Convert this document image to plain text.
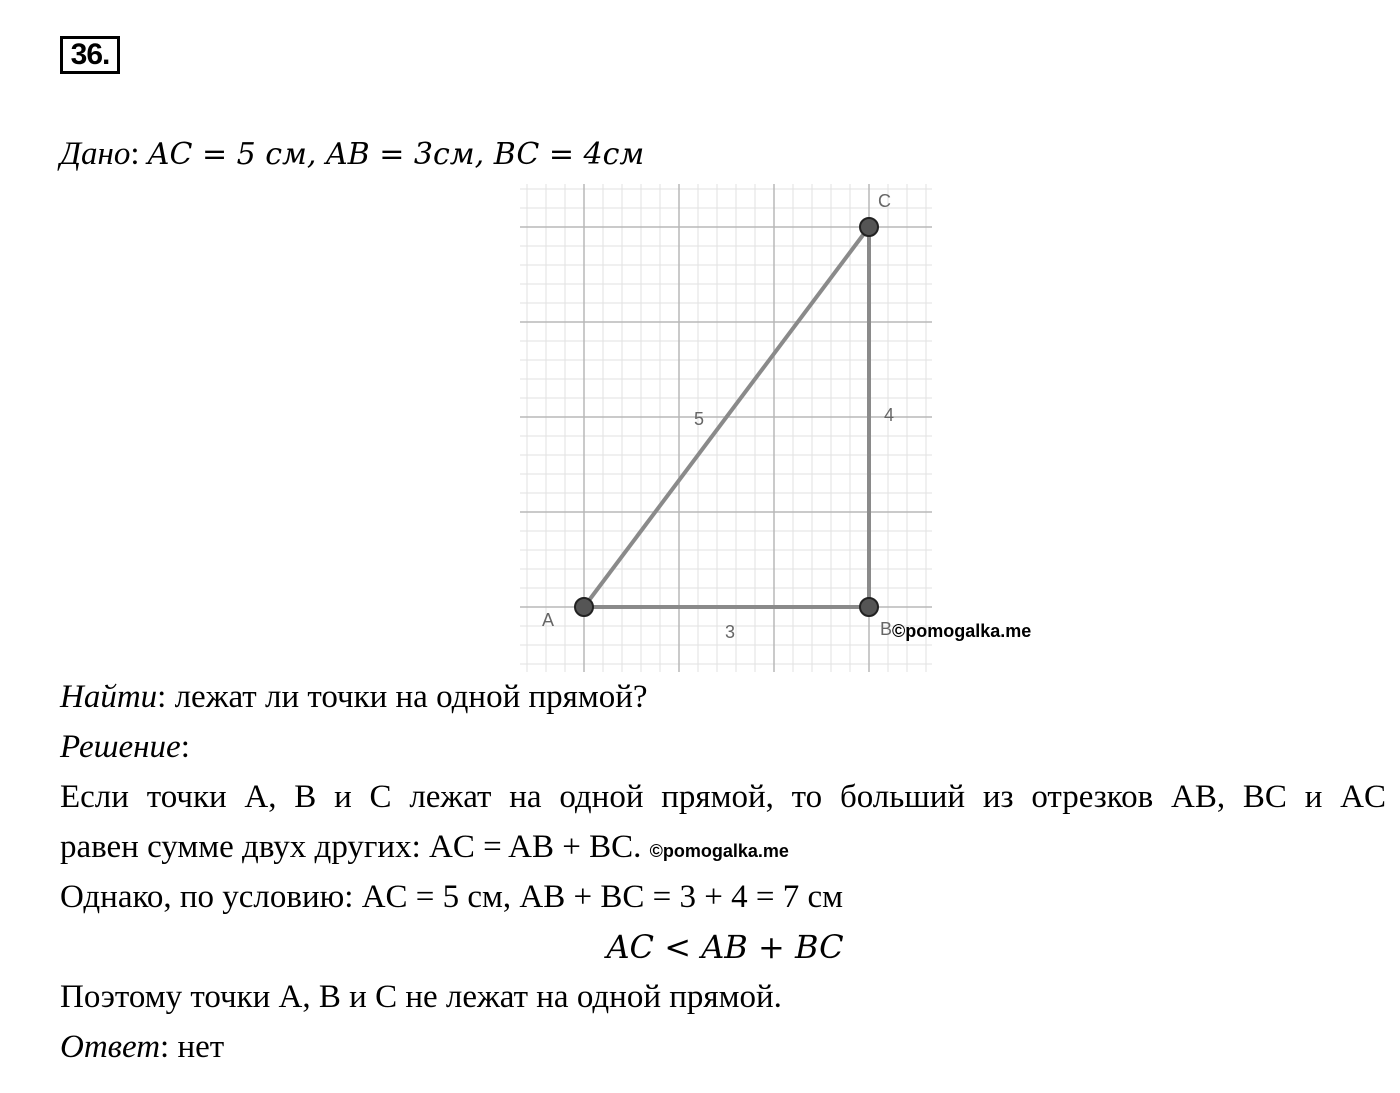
36.
Дано: AC = 5 см, AB = 3см, BC = 4см
C
A	B
5	4
3	©pomogalka.me
Найти: лежат ли точки на одной прямой?
Решение:
Если точки A, B и C лежат на одной прямой, то больший из отрезков AB, BC и AC
равен сумме двух других: AC = AB + BC. ©pomogalka.me
Однако, по условию: AC = 5 см, AB + BC = 3 + 4 = 7 см
AC < AB + BC
Поэтому точки A, B и C не лежат на одной прямой.
Ответ: нет
